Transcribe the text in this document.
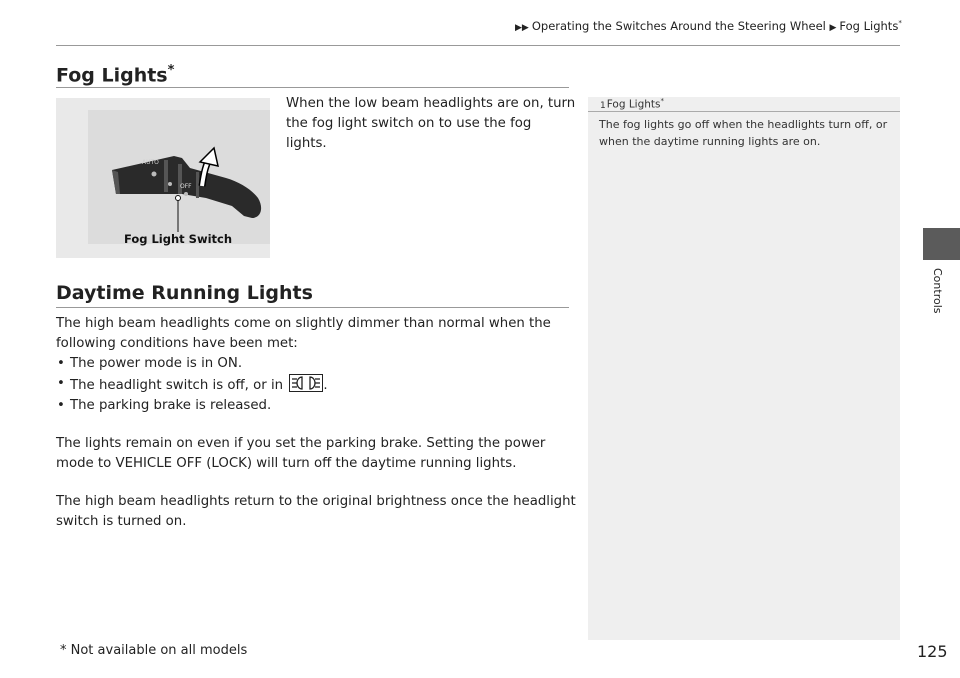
▶▶ Operating the Switches Around the Steering Wheel ▶ Fog Lights*
Controls
Fog Lights*
AUTO
OFF
Fog Light Switch
When the low beam headlights are on, turn the fog light switch on to use the fog lights.
Daytime Running Lights

The high beam headlights come on slightly dimmer than normal when the following conditions have been met:

• The power mode is in ON.
• The headlight switch is off, or in	.
• The parking brake is released.

The lights remain on even if you set the parking brake. Setting the power mode to VEHICLE OFF (LOCK) will turn off the daytime running lights.

The high beam headlights return to the original brightness once the headlight switch is turned on.

1Fog Lights*
The fog lights go off when the headlights turn off, or when the daytime running lights are on.
* Not available on all models	125
